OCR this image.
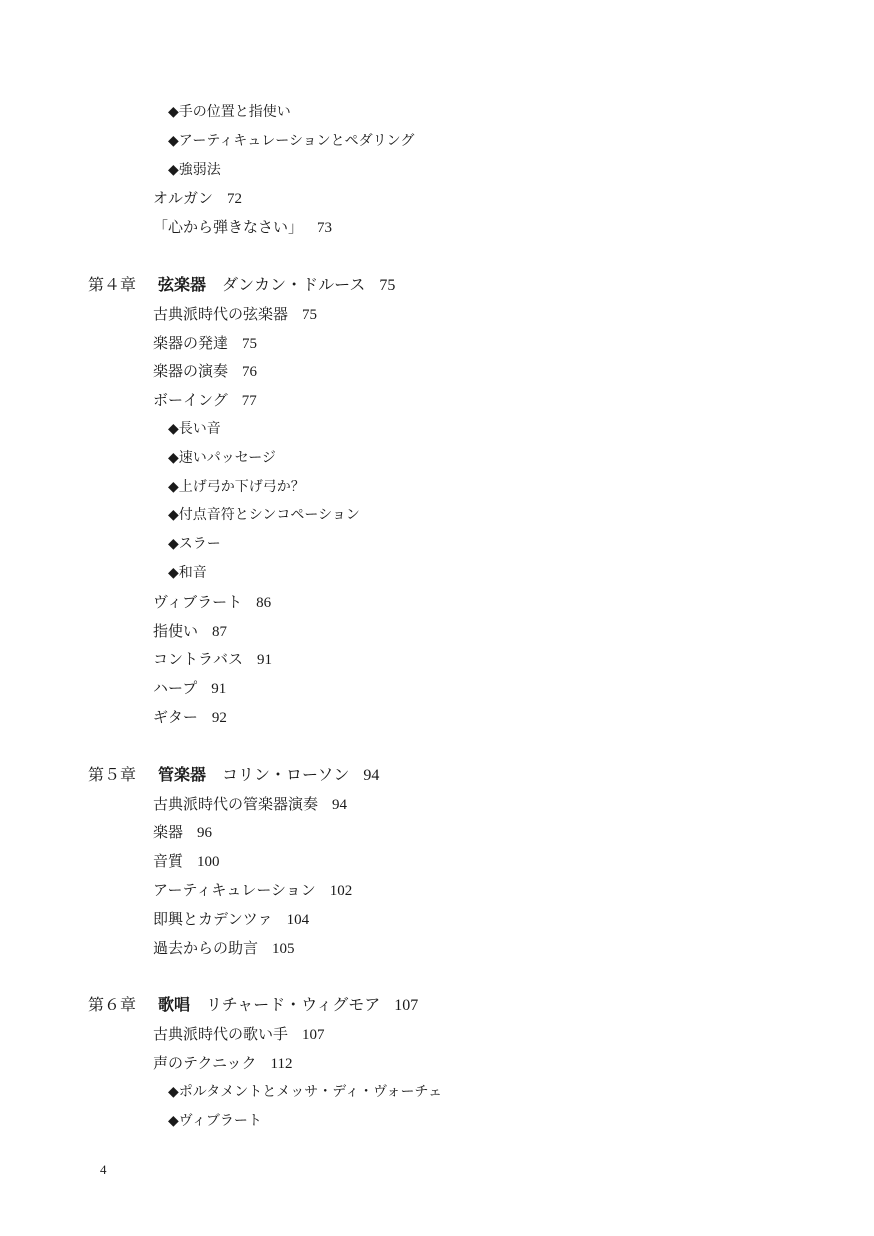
◆手の位置と指使い
◆アーティキュレーションとペダリング
◆強弱法
オルガン 72
「心から弾きなさい」 73
第４章 弦楽器 ダンカン・ドルース 75
古典派時代の弦楽器 75
楽器の発達 75
楽器の演奏 76
ボーイング 77
◆長い音
◆速いパッセージ
◆上げ弓か下げ弓か？
◆付点音符とシンコペーション
◆スラー
◆和音
ヴィブラート 86
指使い 87
コントラバス 91
ハープ 91
ギター 92
第５章 管楽器 コリン・ローソン 94
古典派時代の管楽器演奏 94
楽器 96
音質 100
アーティキュレーション 102
即興とカデンツァ 104
過去からの助言 105
第６章 歌唱 リチャード・ウィグモア 107
古典派時代の歌い手 107
声のテクニック 112
◆ポルタメントとメッサ・ディ・ヴォーチェ
◆ヴィブラート
4
